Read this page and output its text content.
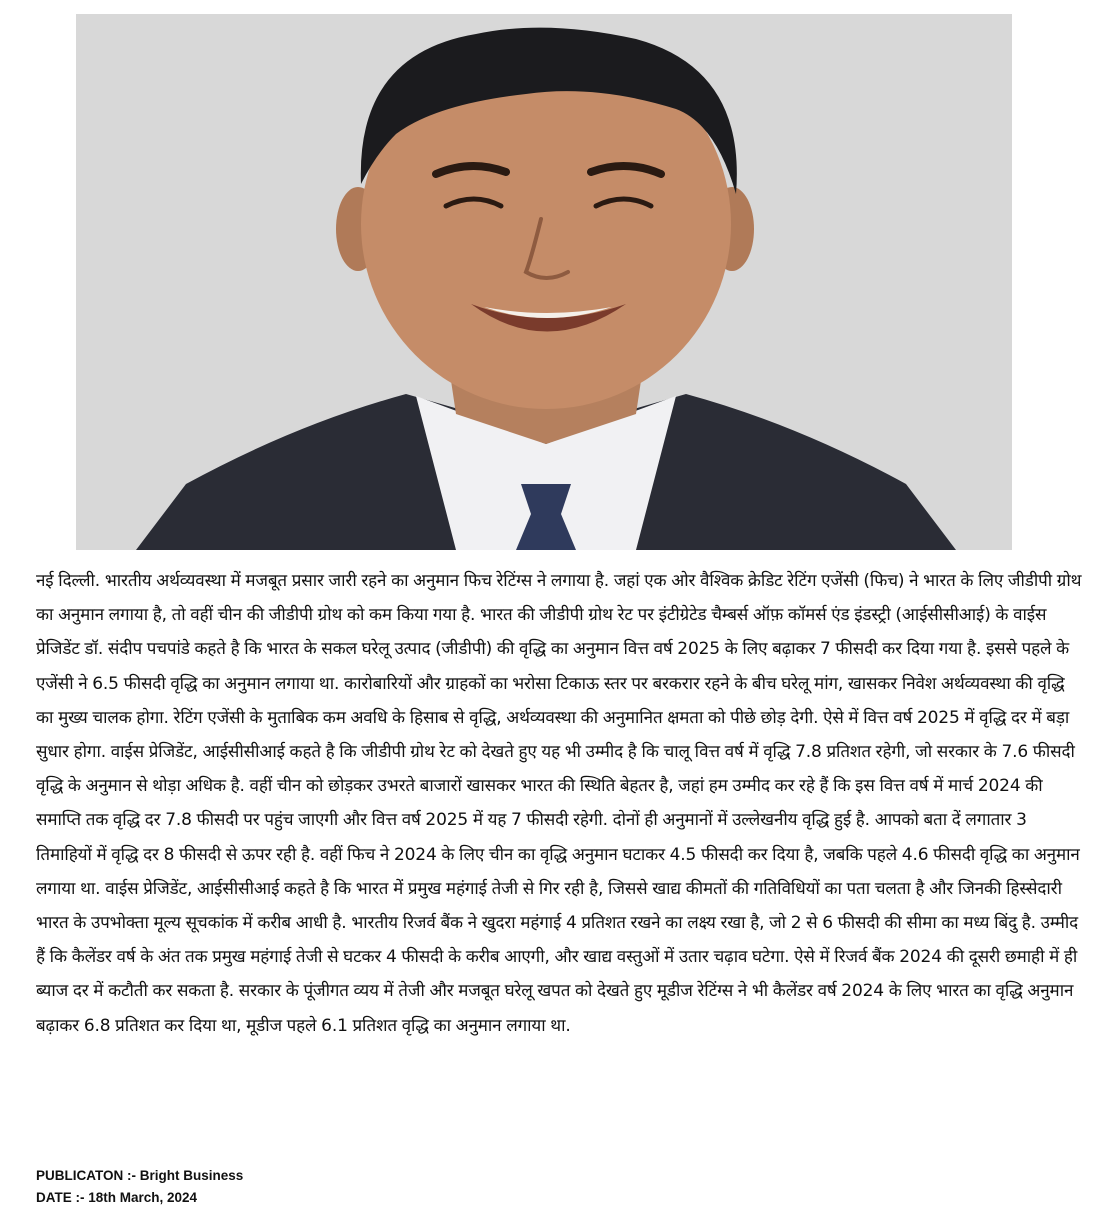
नई दिल्ली. भारतीय अर्थव्यवस्था में मजबूत प्रसार जारी रहने का अनुमान फिच रेटिंग्स ने लगाया है. जहां एक ओर वैश्विक क्रेडिट रेटिंग एजेंसी (फिच) ने भारत के लिए जीडीपी ग्रोथ का अनुमान लगाया है, तो वहीं चीन की जीडीपी ग्रोथ को कम किया गया है. भारत की जीडीपी ग्रोथ रेट पर इंटीग्रेटेड चैम्बर्स ऑफ़ कॉमर्स एंड इंडस्ट्री (आईसीसीआई) के वाईस प्रेजिडेंट डॉ. संदीप पचपांडे कहते है कि भारत के सकल घरेलू उत्पाद (जीडीपी) की वृद्धि का अनुमान वित्त वर्ष 2025 के लिए बढ़ाकर 7 फीसदी कर दिया गया है. इससे पहले के एजेंसी ने 6.5 फीसदी वृद्धि का अनुमान लगाया था. कारोबारियों और ग्राहकों का भरोसा टिकाऊ स्तर पर बरकरार रहने के बीच घरेलू मांग, खासकर निवेश अर्थव्यवस्था की वृद्धि का मुख्य चालक होगा. रेटिंग एजेंसी के मुताबिक कम अवधि के हिसाब से वृद्धि, अर्थव्यवस्था की अनुमानित क्षमता को पीछे छोड़ देगी. ऐसे में वित्त वर्ष 2025 में वृद्धि दर में बड़ा सुधार होगा. वाईस प्रेजिडेंट, आईसीसीआई कहते है कि जीडीपी ग्रोथ रेट को देखते हुए यह भी उम्मीद है कि चालू वित्त वर्ष में वृद्धि 7.8 प्रतिशत रहेगी, जो सरकार के 7.6 फीसदी वृद्धि के अनुमान से थोड़ा अधिक है. वहीं चीन को छोड़कर उभरते बाजारों खासकर भारत की स्थिति बेहतर है, जहां हम उम्मीद कर रहे हैं कि इस वित्त वर्ष में मार्च 2024 की समाप्ति तक वृद्धि दर 7.8 फीसदी पर पहुंच जाएगी और वित्त वर्ष 2025 में यह 7 फीसदी रहेगी. दोनों ही अनुमानों में उल्लेखनीय वृद्धि हुई है. आपको बता दें लगातार 3 तिमाहियों में वृद्धि दर 8 फीसदी से ऊपर रही है. वहीं फिच ने 2024 के लिए चीन का वृद्धि अनुमान घटाकर 4.5 फीसदी कर दिया है, जबकि पहले 4.6 फीसदी वृद्धि का अनुमान लगाया था. वाईस प्रेजिडेंट, आईसीसीआई कहते है कि भारत में प्रमुख महंगाई तेजी से गिर रही है, जिससे खाद्य कीमतों की गतिविधियों का पता चलता है और जिनकी हिस्सेदारी भारत के उपभोक्ता मूल्य सूचकांक में करीब आधी है. भारतीय रिजर्व बैंक ने खुदरा महंगाई 4 प्रतिशत रखने का लक्ष्य रखा है, जो 2 से 6 फीसदी की सीमा का मध्य बिंदु है. उम्मीद हैं कि कैलेंडर वर्ष के अंत तक प्रमुख महंगाई तेजी से घटकर 4 फीसदी के करीब आएगी, और खाद्य वस्तुओं में उतार चढ़ाव घटेगा. ऐसे में रिजर्व बैंक 2024 की दूसरी छमाही में ही ब्याज दर में कटौती कर सकता है. सरकार के पूंजीगत व्यय में तेजी और मजबूत घरेलू खपत को देखते हुए मूडीज रेटिंग्स ने भी कैलेंडर वर्ष 2024 के लिए भारत का वृद्धि अनुमान बढ़ाकर 6.8 प्रतिशत कर दिया था, मूडीज पहले 6.1 प्रतिशत वृद्धि का अनुमान लगाया था.

PUBLICATON :- Bright Business
DATE :- 18th March, 2024
